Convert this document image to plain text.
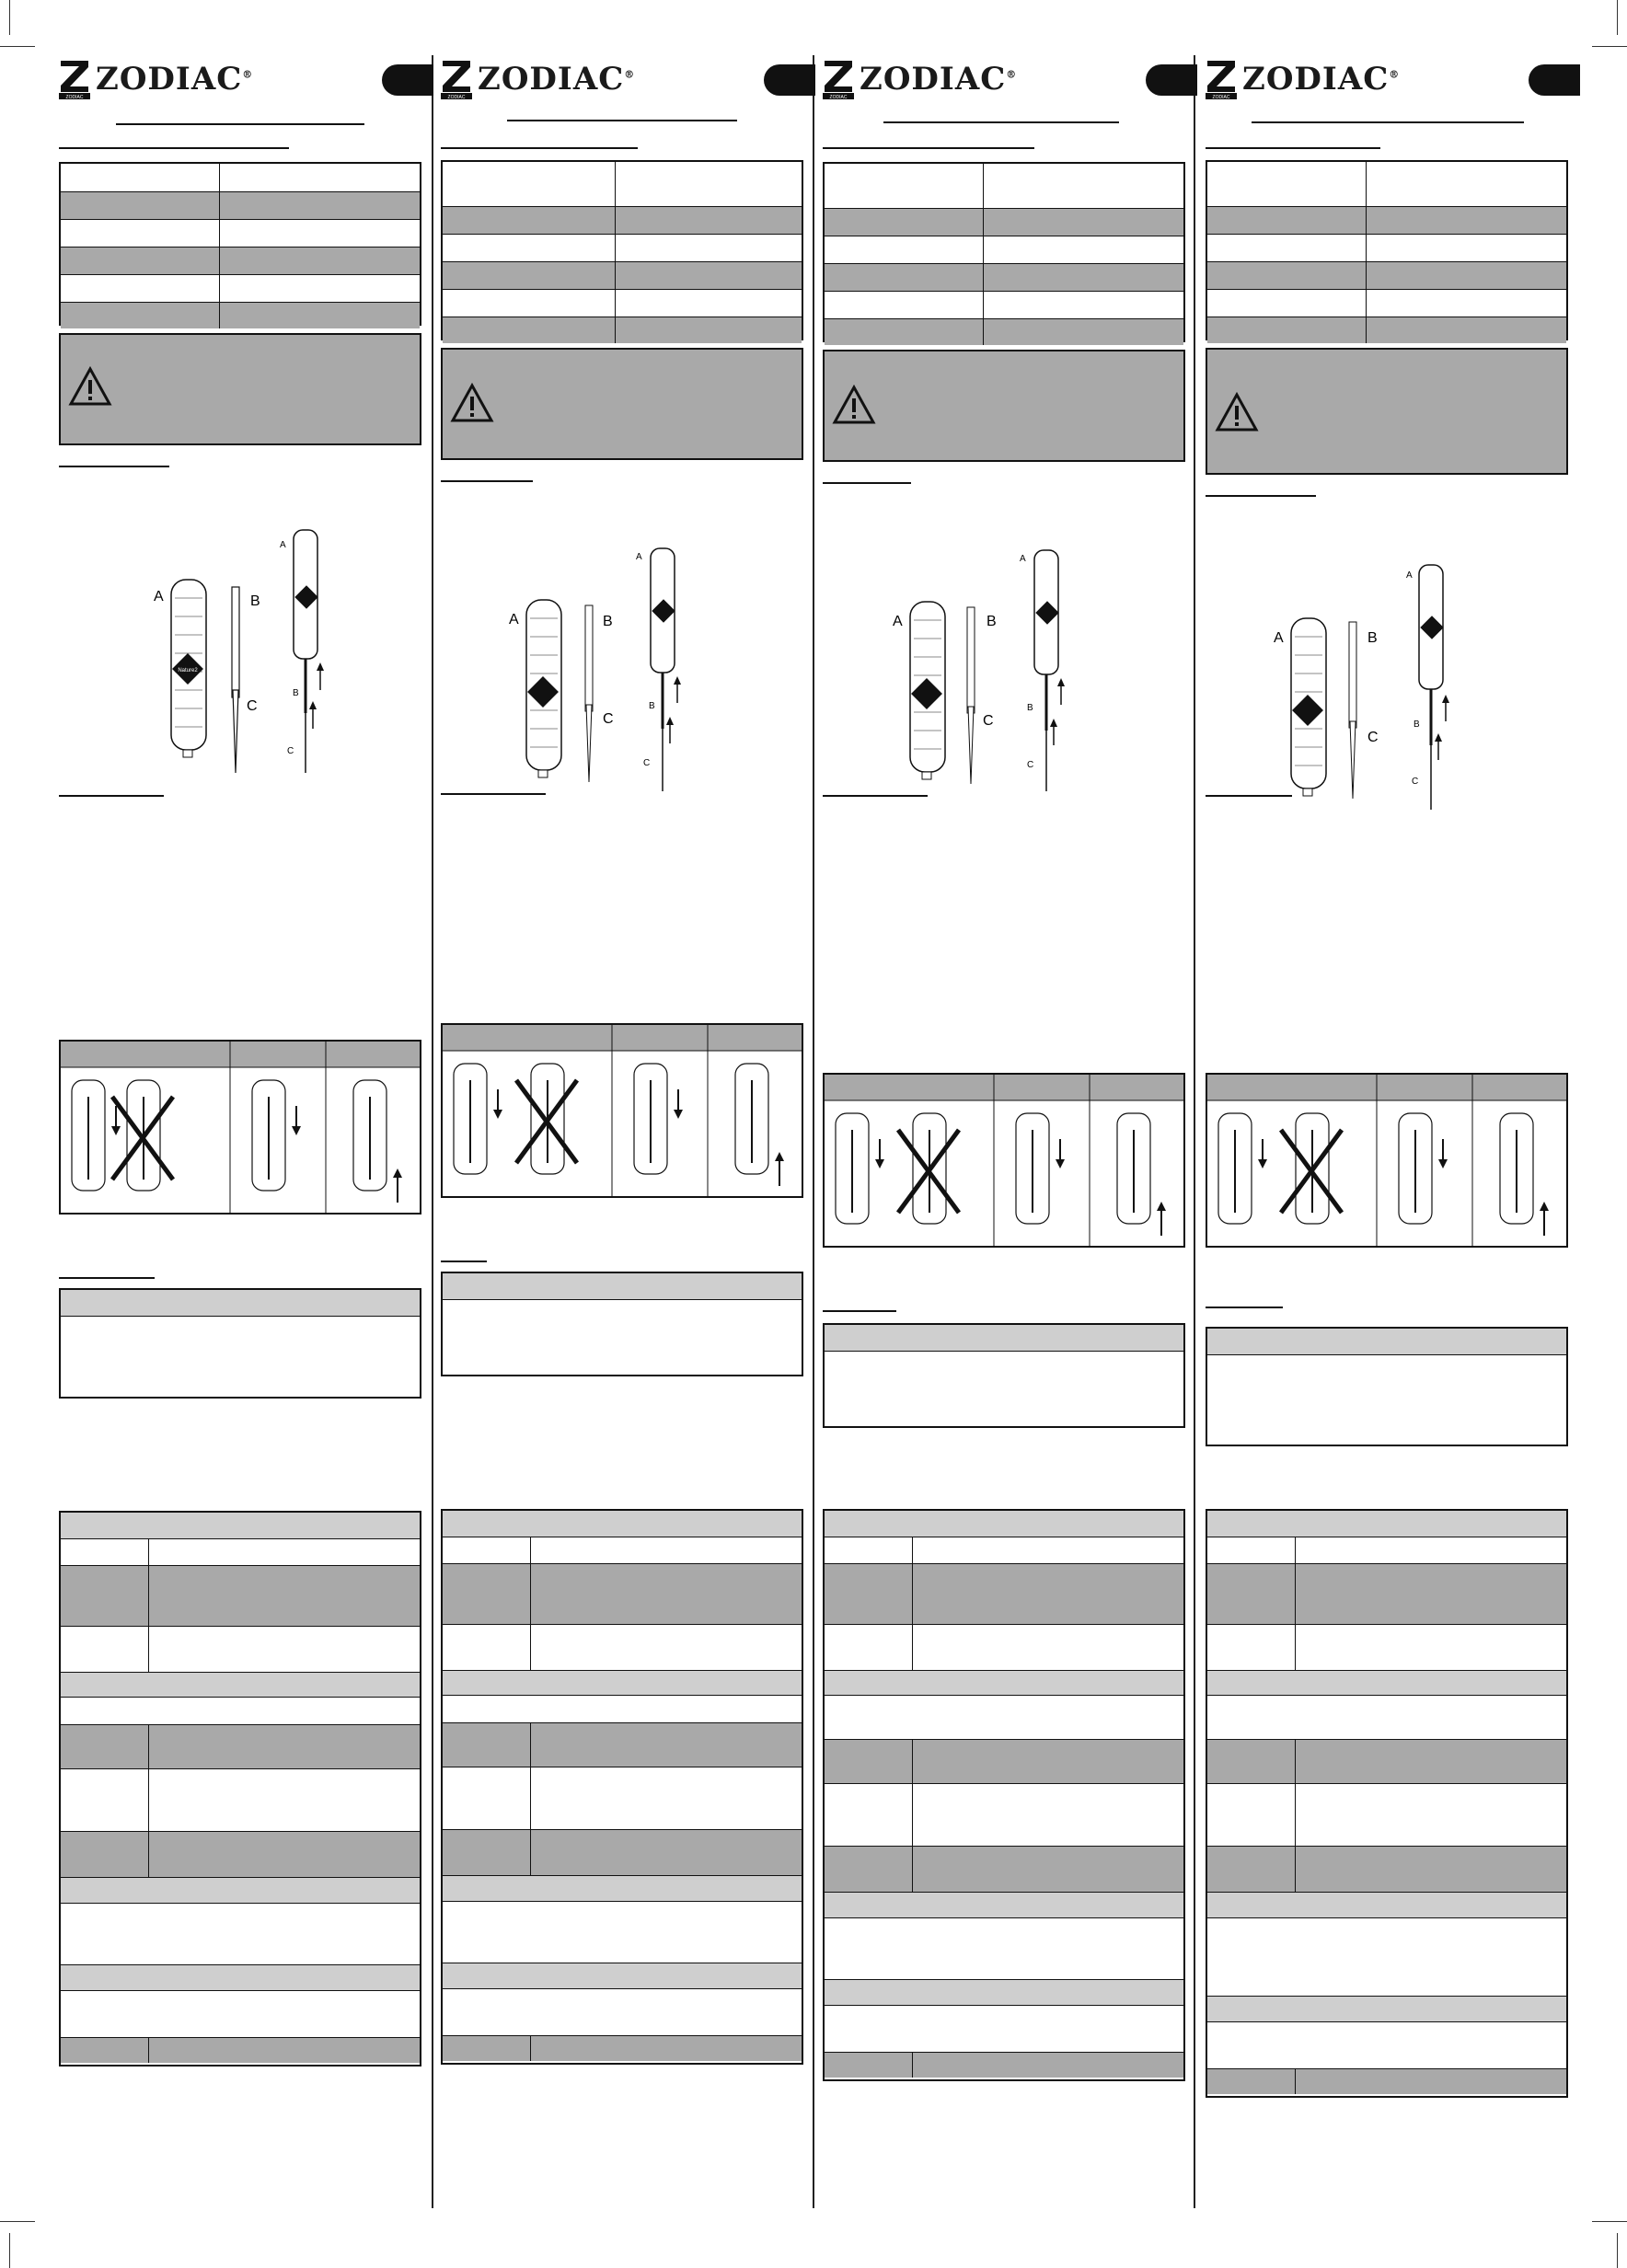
ZODIAC ZODIAC®
A
Nature2
B
C
A
B
C
ZODIAC ZODIAC®
A	B
C
A
B
C
ZODIAC ZODIAC®
A	B
C
A
B
C
ZODIAC ZODIAC®
A	B
C
A
B
C
